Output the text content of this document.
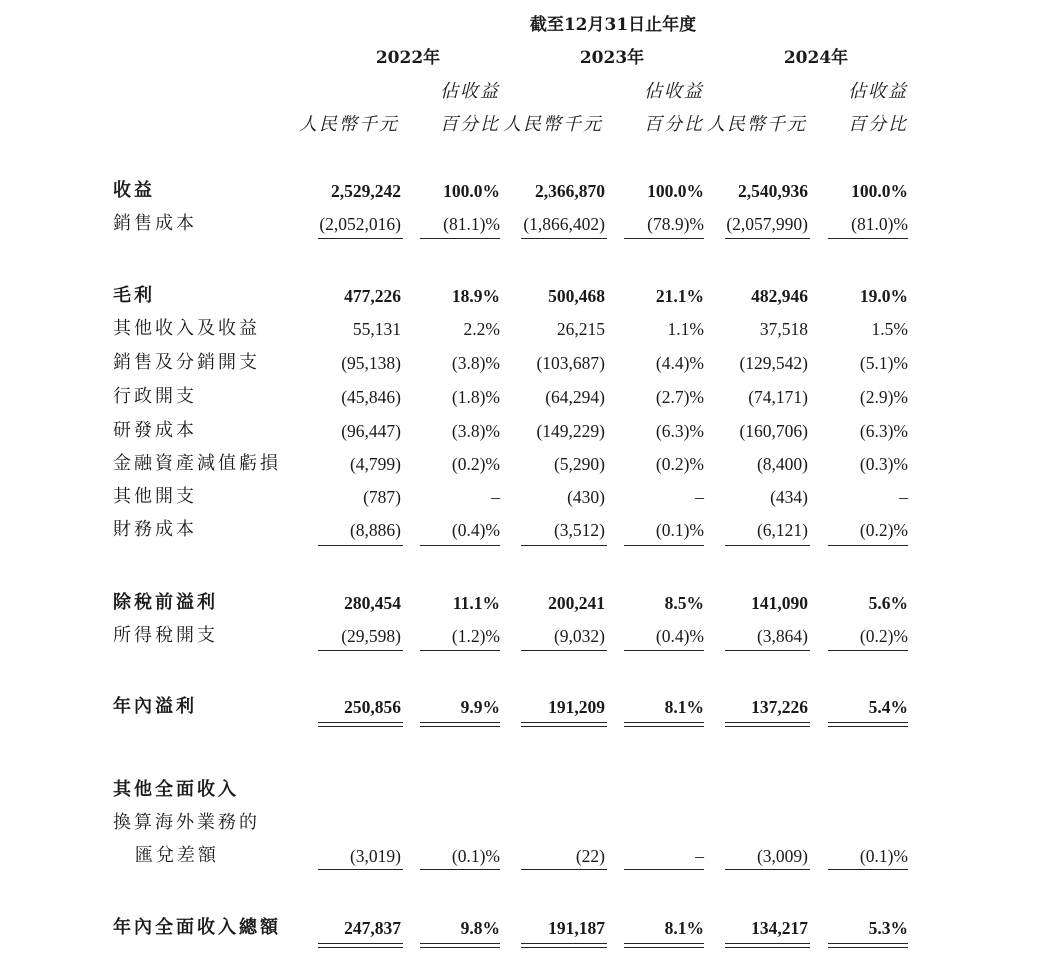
截至12月31日止年度
2022年	2023年	2024年
佔收益	佔收益	佔收益
人民幣千元 百分比 人民幣千元 百分比 人民幣千元 百分比
收益	2,529,242 100.0% 2,366,870 100.0% 2,540,936 100.0%
銷售成本	(2,052,016) (81.1)% (1,866,402) (78.9)% (2,057,990) (81.0)%
毛利	477,226	18.9%	500,468	21.1%	482,946	19.0%
其他收入及收益	55,131	2.2%	26,215	1.1%	37,518	1.5%
銷售及分銷開支	(95,138)	(3.8)% (103,687)	(4.4)% (129,542)	(5.1)%
行政開支	(45,846)	(1.8)%	(64,294)	(2.7)%	(74,171)	(2.9)%
研發成本	(96,447)	(3.8)% (149,229)	(6.3)% (160,706)	(6.3)%
金融資產減值虧損	(4,799)	(0.2)%	(5,290)	(0.2)%	(8,400)	(0.3)%
其他開支	(787)	–	(430)	–	(434)	–
財務成本	(8,886)	(0.4)%	(3,512)	(0.1)%	(6,121)	(0.2)%
除稅前溢利	280,454	11.1%	200,241	8.5%	141,090	5.6%
所得稅開支	(29,598)	(1.2)%	(9,032)	(0.4)%	(3,864)	(0.2)%
年內溢利	250,856	9.9%	191,209	8.1%	137,226	5.4%
其他全面收入
換算海外業務的
匯兌差額	(3,019)	(0.1)%	(22)	–	(3,009)	(0.1)%
年內全面收入總額	247,837	9.8%	191,187	8.1%	134,217	5.3%
